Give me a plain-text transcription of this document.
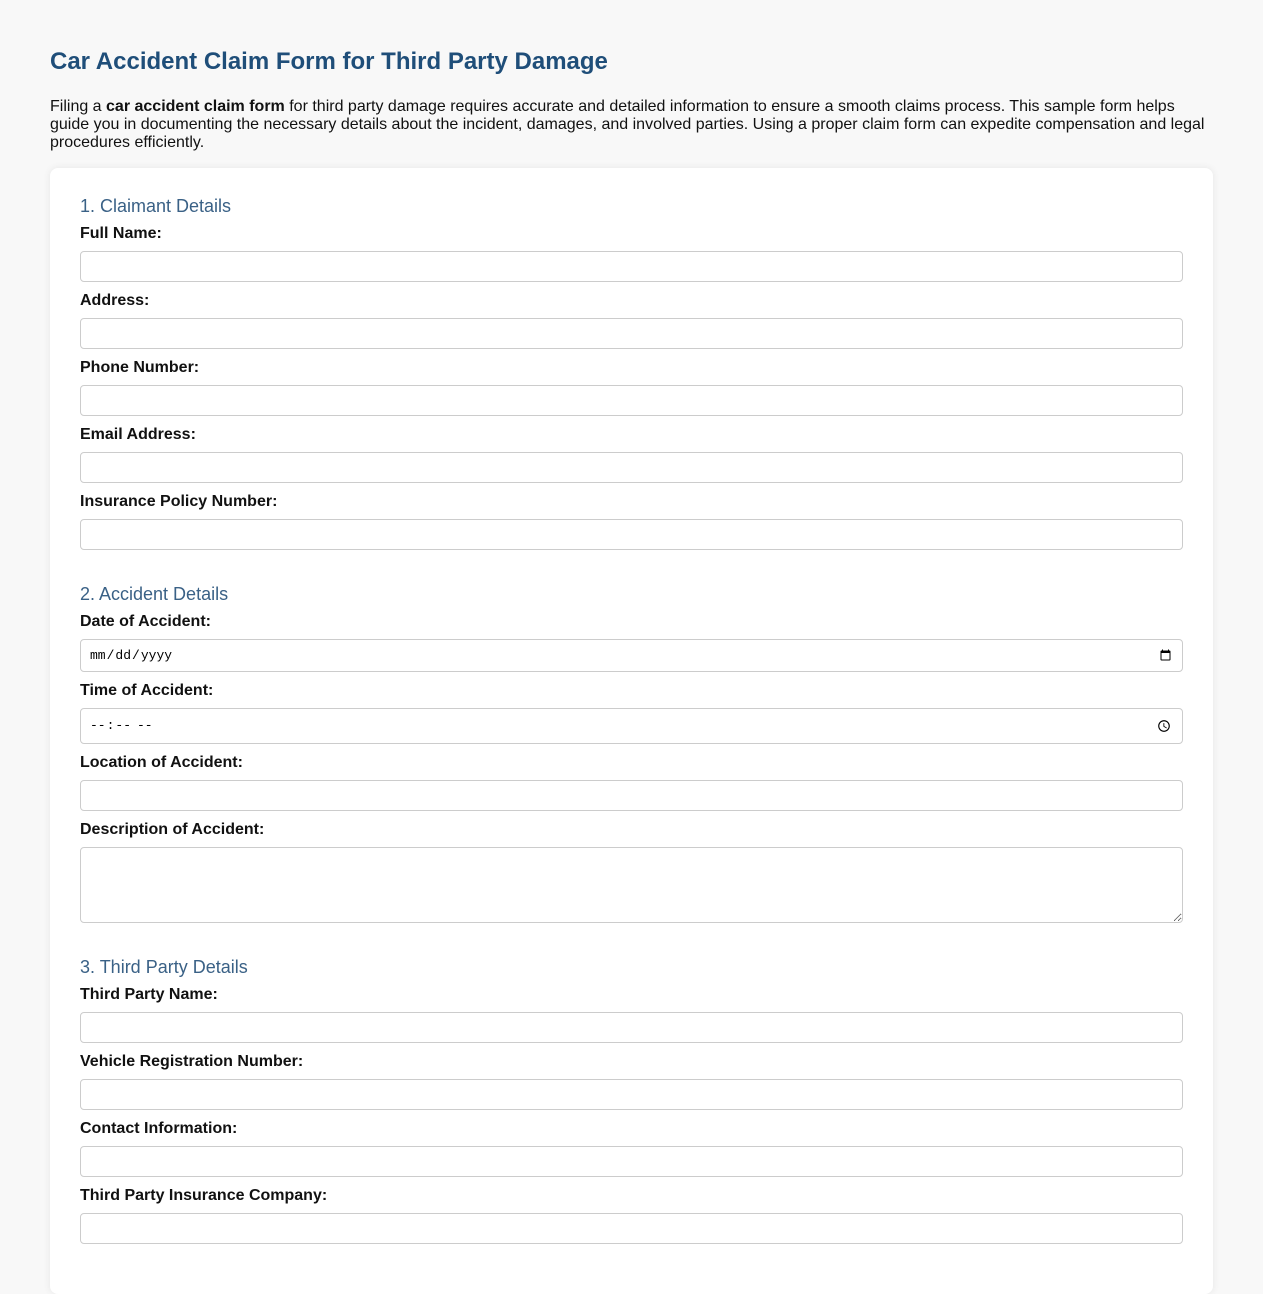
Car Accident Claim Form for Third Party Damage

Filing a car accident claim form for third party damage requires accurate and detailed information to ensure a smooth claims process. This sample form helps guide you in documenting the necessary details about the incident, damages, and involved parties. Using a proper claim form can expedite compensation and legal procedures efficiently.

1. Claimant Details
Full Name:
Address:
Phone Number:
Email Address:
Insurance Policy Number:
2. Accident Details
Date of Accident:
Time of Accident:
Location of Accident:
Description of Accident:
3. Third Party Details
Third Party Name:
Vehicle Registration Number:
Contact Information:
Third Party Insurance Company:
